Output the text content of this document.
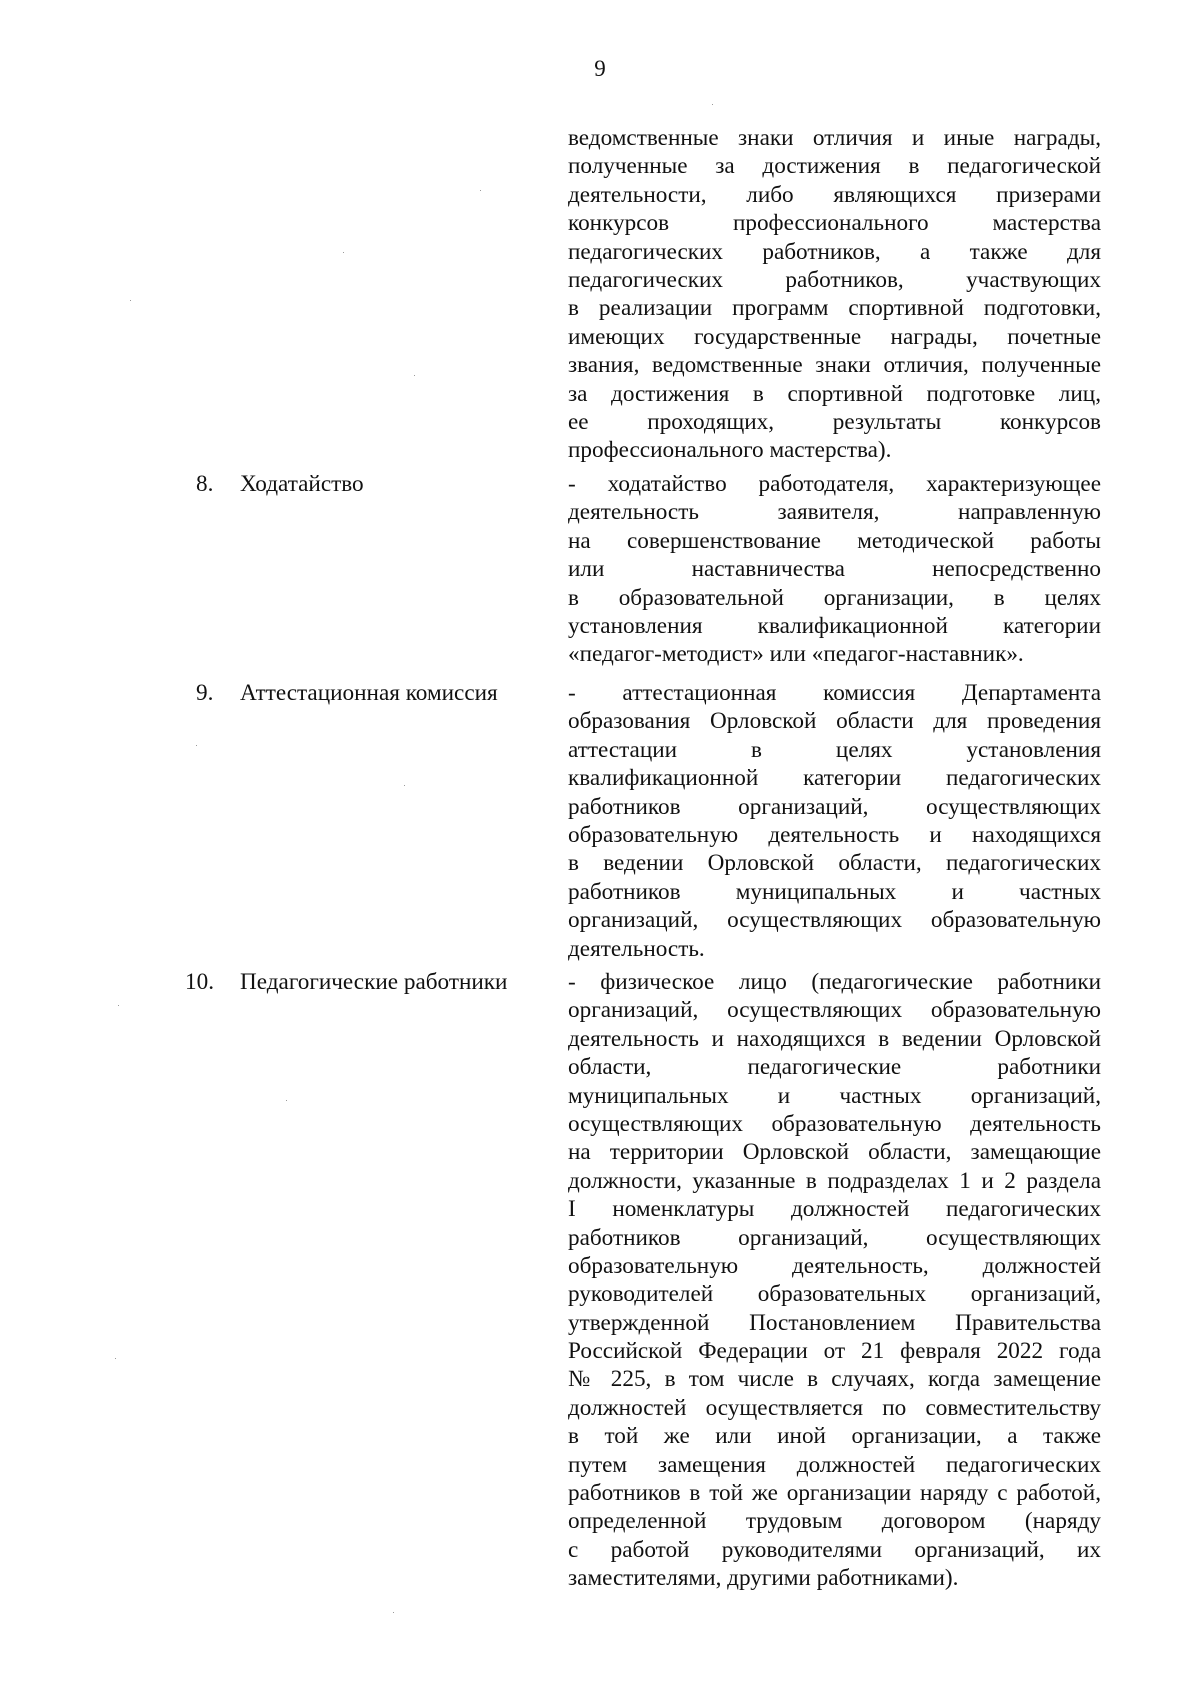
9
ведомственные знаки отличия и иные награды,
полученные за достижения в педагогической
деятельности, либо являющихся призерами
конкурсов профессионального мастерства
педагогических работников, а также для
педагогических работников, участвующих
в реализации программ спортивной подготовки,
имеющих государственные награды, почетные
звания, ведомственные знаки отличия, полученные
за достижения в спортивной подготовке лиц,
ее проходящих, результаты конкурсов
профессионального мастерства).
8. Ходатайство	- ходатайство работодателя, характеризующее
деятельность заявителя, направленную
на совершенствование методической работы
или наставничества непосредственно
в образовательной организации, в целях
установления квалификационной категории
«педагог-методист» или «педагог-наставник».
9. Аттестационная комиссия	- аттестационная комиссия Департамента
образования Орловской области для проведения
аттестации в целях установления
квалификационной категории педагогических
работников организаций, осуществляющих
образовательную деятельность и находящихся
в ведении Орловской области, педагогических
работников муниципальных и частных
организаций, осуществляющих образовательную
деятельность.
10. Педагогические работники	- физическое лицо (педагогические работники
организаций, осуществляющих образовательную
деятельность и находящихся в ведении Орловской
области, педагогические работники
муниципальных и частных организаций,
осуществляющих образовательную деятельность
на территории Орловской области, замещающие
должности, указанные в подразделах 1 и 2 раздела
I номенклатуры должностей педагогических
работников организаций, осуществляющих
образовательную деятельность, должностей
руководителей образовательных организаций,
утвержденной Постановлением Правительства
Российской Федерации от 21 февраля 2022 года
№ 225, в том числе в случаях, когда замещение
должностей осуществляется по совместительству
в той же или иной организации, а также
путем замещения должностей педагогических
работников в той же организации наряду с работой,
определенной трудовым договором (наряду
с работой руководителями организаций, их
заместителями, другими работниками).
